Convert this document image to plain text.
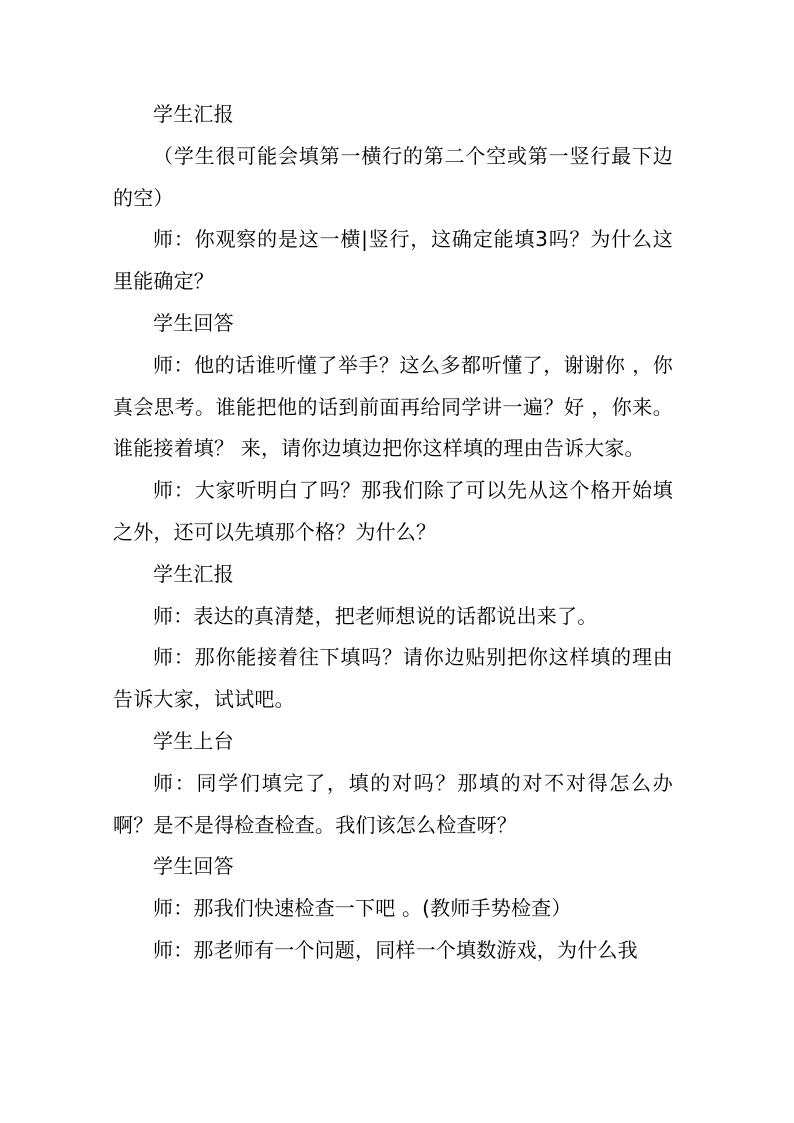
学生汇报

（学生很可能会填第一横行的第二个空或第一竖行最下边的空）

师：你观察的是这一横|竖行，这确定能填3吗？为什么这里能确定？

学生回答

师：他的话谁听懂了举手？这么多都听懂了，谢谢你 ，你真会思考。谁能把他的话到前面再给同学讲一遍？好 ，你来。 谁能接着填？ 来，请你边填边把你这样填的理由告诉大家。

师：大家听明白了吗？那我们除了可以先从这个格开始填之外，还可以先填那个格？为什么？

学生汇报

师：表达的真清楚，把老师想说的话都说出来了。

师：那你能接着往下填吗？请你边贴别把你这样填的理由告诉大家，试试吧。

学生上台

师：同学们填完了，填的对吗？那填的对不对得怎么办啊？是不是得检查检查。我们该怎么检查呀？

学生回答

师：那我们快速检查一下吧 。(教师手势检查）

师：那老师有一个问题，同样一个填数游戏，为什么我
